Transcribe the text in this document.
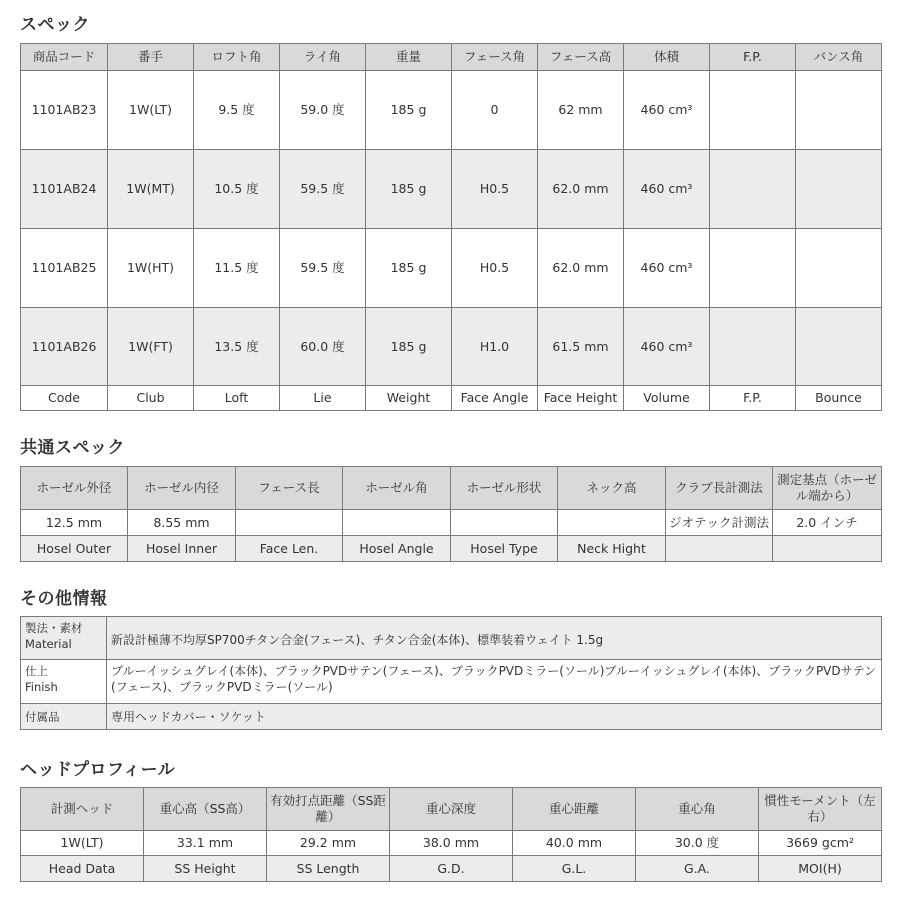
スペック
商品コード	番手	ロフト角	ライ角	重量	フェース角	フェース高	体積	F.P.	バンス角
1101AB23	1W(LT)	9.5 度	59.0 度	185 g	0	62 mm	460 cm³		
1101AB24	1W(MT)	10.5 度	59.5 度	185 g	H0.5	62.0 mm	460 cm³		
1101AB25	1W(HT)	11.5 度	59.5 度	185 g	H0.5	62.0 mm	460 cm³		
1101AB26	1W(FT)	13.5 度	60.0 度	185 g	H1.0	61.5 mm	460 cm³		
Code	Club	Loft	Lie	Weight	Face Angle	Face Height	Volume	F.P.	Bounce
共通スペック
ホーゼル外径	ホーゼル内径	フェース長	ホーゼル角	ホーゼル形状	ネック高	クラブ長計測法	測定基点（ホーゼル端から）
12.5 mm	8.55 mm					ジオテック計測法	2.0 インチ
Hosel Outer	Hosel Inner	Face Len.	Hosel Angle	Hosel Type	Neck Hight		
その他情報
製法・素材
Material	新設計極薄不均厚SP700チタン合金(フェース)、チタン合金(本体)、標準装着ウェイト 1.5g

仕上
Finish	ブルーイッシュグレイ(本体)、ブラックPVDサテン(フェース)、ブラックPVDミラー(ソール)ブルーイッシュグレイ(本体)、ブラックPVDサテン(フェース)、ブラックPVDミラー(ソール)
付属品	専用ヘッドカバー・ソケット
ヘッドプロフィール
計測ヘッド	重心高（SS高）	有効打点距離（SS距離）	重心深度	重心距離	重心角	慣性モーメント（左右）
1W(LT)	33.1 mm	29.2 mm	38.0 mm	40.0 mm	30.0 度	3669 gcm²
Head Data	SS Height	SS Length	G.D.	G.L.	G.A.	MOI(H)
